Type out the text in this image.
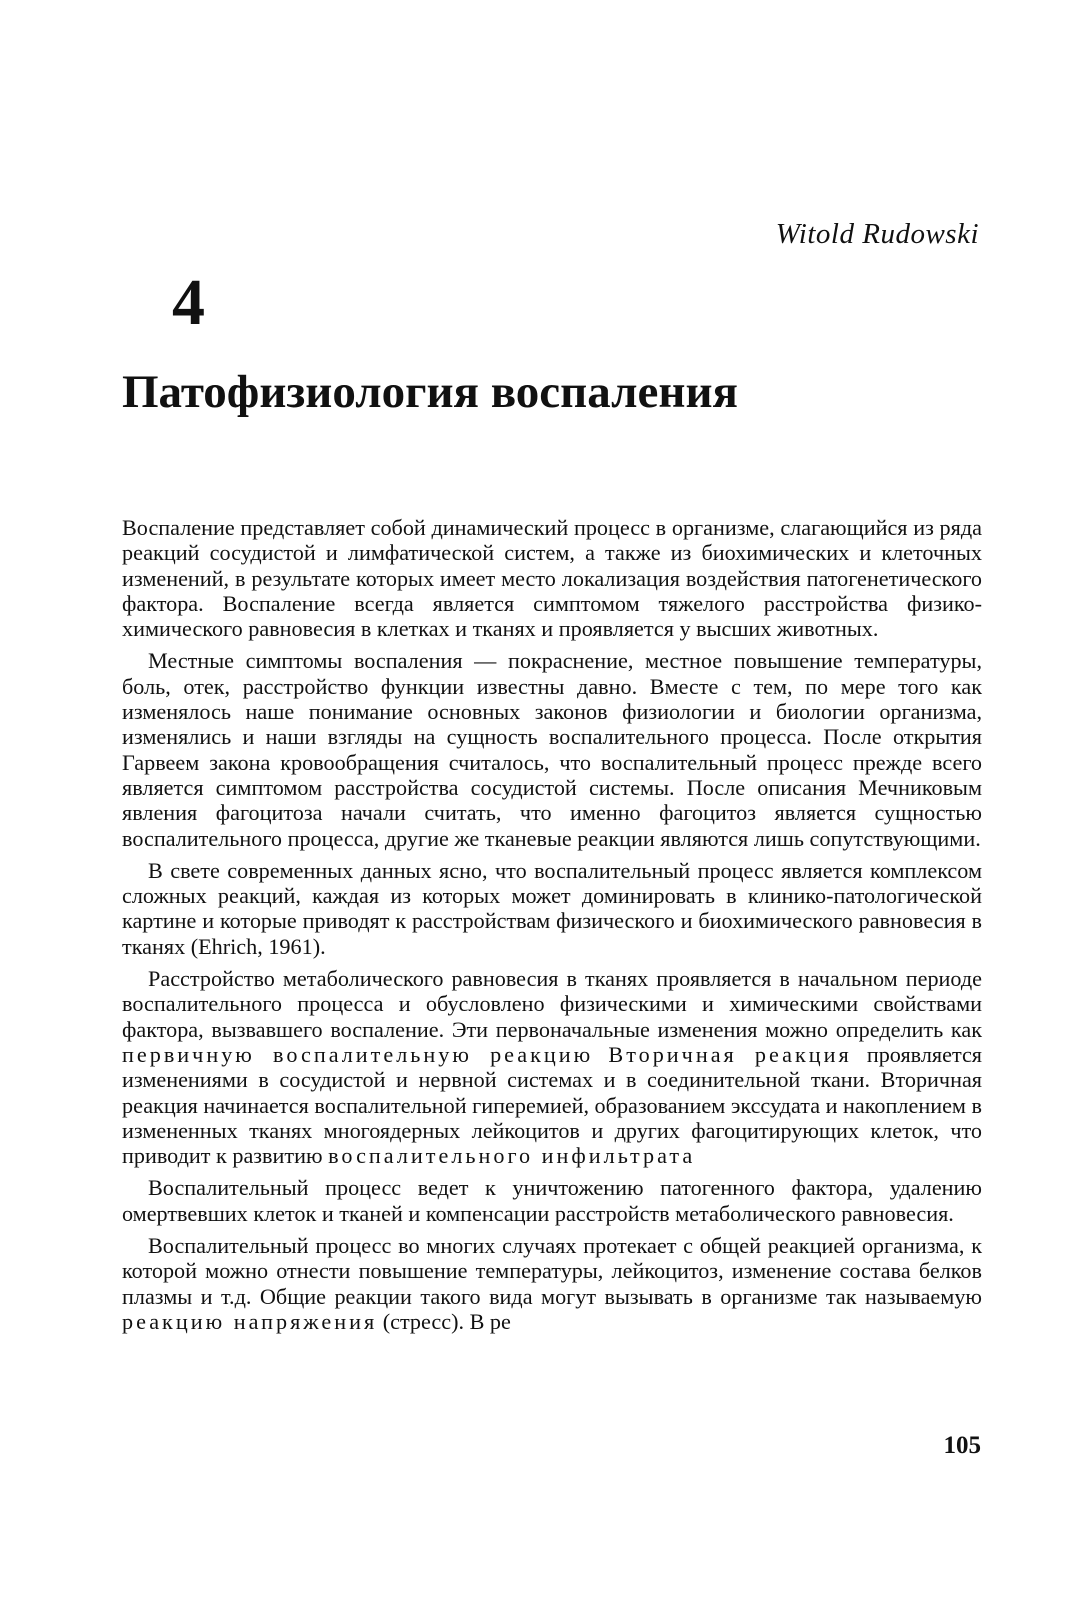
Witold Rudowski
4
Патофизиология воспаления

Воспаление представляет собой динамический процесс в организме, слагающийся из ряда реакций сосудистой и лимфатической систем, а также из биохимических и клеточных изменений, в результате которых имеет место локализация воздействия патогенетического фактора. Воспаление всегда является симптомом тяжелого расстройства физико-химического равновесия в клетках и тканях и проявляется у высших животных.

Местные симптомы воспаления — покраснение, местное повышение температуры, боль, отек, расстройство функции известны давно. Вместе с тем, по мере того как изменялось наше понимание основных законов физиологии и биологии организма, изменялись и наши взгляды на сущность воспалительного процесса. После открытия Гарвеем закона кровообращения считалось, что воспалительный процесс прежде всего является симптомом расстройства сосудистой системы. После описания Мечниковым явления фагоцитоза начали считать, что именно фагоцитоз является сущностью воспалительного процесса, другие же тканевые реакции являются лишь сопутствующими.

В свете современных данных ясно, что воспалительный процесс является комплексом сложных реакций, каждая из которых может доминировать в клинико-патологической картине и которые приводят к расстройствам физического и биохимического равновесия в тканях (Ehrich, 1961).

Расстройство метаболического равновесия в тканях проявляется в начальном периоде воспалительного процесса и обусловлено физическими и химическими свойствами фактора, вызвавшего воспаление. Эти первоначальные изменения можно определить как первичную воспалительную реакцию Вторичная реакция проявляется изменениями в сосудистой и нервной системах и в соединительной ткани. Вторичная реакция начинается воспалительной гиперемией, образованием экссудата и накоплением в измененных тканях многоядерных лейкоцитов и других фагоцитирующих клеток, что приводит к развитию воспалительного инфильтрата

Воспалительный процесс ведет к уничтожению патогенного фактора, удалению омертвевших клеток и тканей и компенсации расстройств метаболического равновесия.

Воспалительный процесс во многих случаях протекает с общей реакцией организма, к которой можно отнести повышение температуры, лейкоцитоз, изменение состава белков плазмы и т.д. Общие реакции такого вида могут вызывать в организме так называемую реакцию напряжения (стресс). В ре

105
